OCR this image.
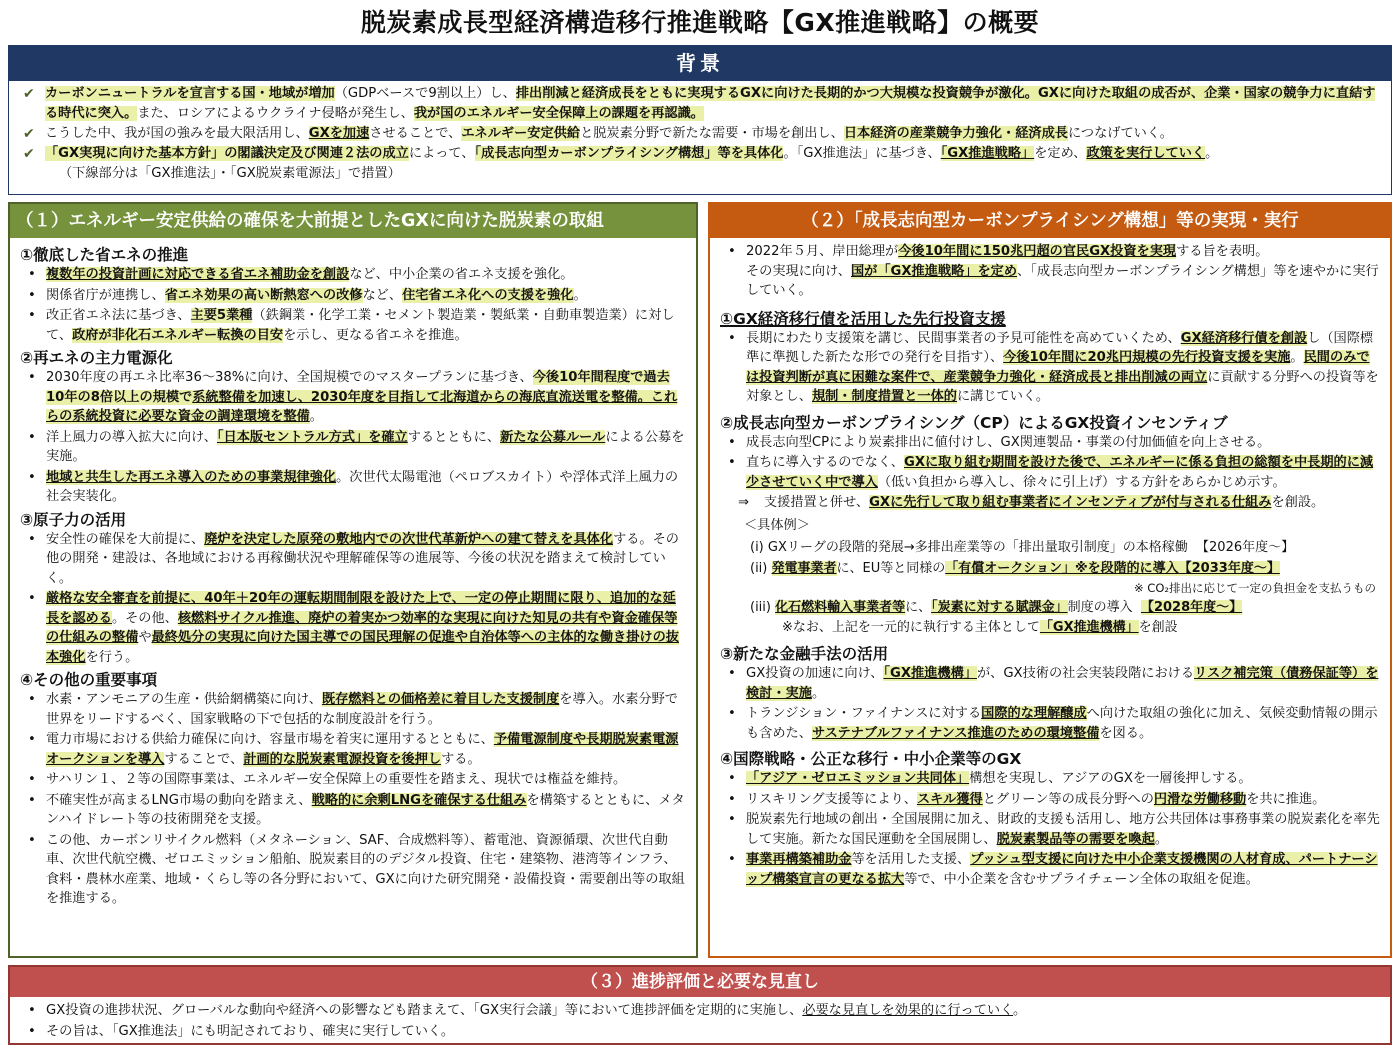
脱炭素成長型経済構造移行推進戦略【GX推進戦略】の概要
背景
✔ カーボンニュートラルを宣言する国・地域が増加（GDPベースで9割以上）し、排出削減と経済成長をともに実現するGXに向けた長期的かつ大規模な投資競争が激化。GXに向けた取組の成否が、企業・国家の競争力に直結する時代に突入。また、ロシアによるウクライナ侵略が発生し、我が国のエネルギー安全保障上の課題を再認識。
✔ こうした中、我が国の強みを最大限活用し、GXを加速させることで、エネルギー安定供給と脱炭素分野で新たな需要・市場を創出し、日本経済の産業競争力強化・経済成長につなげていく。
✔ 「GX実現に向けた基本方針」の閣議決定及び関連２法の成立によって、「成長志向型カーボンプライシング構想」等を具体化。「GX推進法」に基づき、「GX推進戦略」を定め、政策を実行していく。
（下線部分は「GX推進法」・「GX脱炭素電源法」で措置）
（１）エネルギー安定供給の確保を大前提としたGXに向けた脱炭素の取組
①徹底した省エネの推進
• 複数年の投資計画に対応できる省エネ補助金を創設など、中小企業の省エネ支援を強化。
• 関係省庁が連携し、省エネ効果の高い断熱窓への改修など、住宅省エネ化への支援を強化。
• 改正省エネ法に基づき、主要5業種（鉄鋼業・化学工業・セメント製造業・製紙業・自動車製造業）に対して、政府が非化石エネルギー転換の目安を示し、更なる省エネを推進。
②再エネの主力電源化
• 2030年度の再エネ比率36～38%に向け、全国規模でのマスタープランに基づき、今後10年間程度で過去10年の8倍以上の規模で系統整備を加速し、2030年度を目指して北海道からの海底直流送電を整備。これらの系統投資に必要な資金の調達環境を整備。
• 洋上風力の導入拡大に向け、「日本版セントラル方式」を確立するとともに、新たな公募ルールによる公募を実施。
• 地域と共生した再エネ導入のための事業規律強化。次世代太陽電池（ペロブスカイト）や浮体式洋上風力の社会実装化。
③原子力の活用
• 安全性の確保を大前提に、廃炉を決定した原発の敷地内での次世代革新炉への建て替えを具体化する。その他の開発・建設は、各地域における再稼働状況や理解確保等の進展等、今後の状況を踏まえて検討していく。
• 厳格な安全審査を前提に、40年＋20年の運転期間制限を設けた上で、一定の停止期間に限り、追加的な延長を認める。その他、核燃料サイクル推進、廃炉の着実かつ効率的な実現に向けた知見の共有や資金確保等の仕組みの整備や最終処分の実現に向けた国主導での国民理解の促進や自治体等への主体的な働き掛けの抜本強化を行う。
④その他の重要事項
• 水素・アンモニアの生産・供給網構築に向け、既存燃料との価格差に着目した支援制度を導入。水素分野で世界をリードするべく、国家戦略の下で包括的な制度設計を行う。
• 電力市場における供給力確保に向け、容量市場を着実に運用するとともに、予備電源制度や長期脱炭素電源オークションを導入することで、計画的な脱炭素電源投資を後押しする。
• サハリン１、２等の国際事業は、エネルギー安全保障上の重要性を踏まえ、現状では権益を維持。
• 不確実性が高まるLNG市場の動向を踏まえ、戦略的に余剰LNGを確保する仕組みを構築するとともに、メタンハイドレート等の技術開発を支援。
• この他、カーボンリサイクル燃料（メタネーション、SAF、合成燃料等）、蓄電池、資源循環、次世代自動車、次世代航空機、ゼロエミッション船舶、脱炭素目的のデジタル投資、住宅・建築物、港湾等インフラ、食料・農林水産業、地域・くらし等の各分野において、GXに向けた研究開発・設備投資・需要創出等の取組を推進する。
（２）「成長志向型カーボンプライシング構想」等の実現・実行
• 2022年５月、岸田総理が今後10年間に150兆円超の官民GX投資を実現する旨を表明。
その実現に向け、国が「GX推進戦略」を定め、「成長志向型カーボンプライシング構想」等を速やかに実行していく。
①GX経済移行債を活用した先行投資支援
• 長期にわたり支援策を講じ、民間事業者の予見可能性を高めていくため、GX経済移行債を創設し（国際標準に準拠した新たな形での発行を目指す）、今後10年間に20兆円規模の先行投資支援を実施。民間のみでは投資判断が真に困難な案件で、産業競争力強化・経済成長と排出削減の両立に貢献する分野への投資等を対象とし、規制・制度措置と一体的に講じていく。
②成長志向型カーボンプライシング（CP）によるGX投資インセンティブ
• 成長志向型CPにより炭素排出に値付けし、GX関連製品・事業の付加価値を向上させる。
• 直ちに導入するのでなく、GXに取り組む期間を設けた後で、エネルギーに係る負担の総額を中長期的に減少させていく中で導入（低い負担から導入し、徐々に引上げ）する方針をあらかじめ示す。
⇒ 支援措置と併せ、GXに先行して取り組む事業者にインセンティブが付与される仕組みを創設。
＜具体例＞
(i) GXリーグの段階的発展→多排出産業等の「排出量取引制度」の本格稼働 【2026年度～】
(ii) 発電事業者に、EU等と同様の「有償オークション」※を段階的に導入【2033年度～】
※ CO₂排出に応じて一定の負担金を支払うもの
(iii) 化石燃料輸入事業者等に、「炭素に対する賦課金」制度の導入 【2028年度～】
※なお、上記を一元的に執行する主体として「GX推進機構」を創設
③新たな金融手法の活用
• GX投資の加速に向け、「GX推進機構」が、GX技術の社会実装段階におけるリスク補完策（債務保証等）を検討・実施。
• トランジション・ファイナンスに対する国際的な理解醸成へ向けた取組の強化に加え、気候変動情報の開示も含めた、サステナブルファイナンス推進のための環境整備を図る。
④国際戦略・公正な移行・中小企業等のGX
• 「アジア・ゼロエミッション共同体」構想を実現し、アジアのGXを一層後押しする。
• リスキリング支援等により、スキル獲得とグリーン等の成長分野への円滑な労働移動を共に推進。
• 脱炭素先行地域の創出・全国展開に加え、財政的支援も活用し、地方公共団体は事務事業の脱炭素化を率先して実施。新たな国民運動を全国展開し、脱炭素製品等の需要を喚起。
• 事業再構築補助金等を活用した支援、プッシュ型支援に向けた中小企業支援機関の人材育成、パートナーシップ構築宣言の更なる拡大等で、中小企業を含むサプライチェーン全体の取組を促進。
（３）進捗評価と必要な見直し
• GX投資の進捗状況、グローバルな動向や経済への影響なども踏まえて、「GX実行会議」等において進捗評価を定期的に実施し、必要な見直しを効果的に行っていく。
• その旨は、「GX推進法」にも明記されており、確実に実行していく。
